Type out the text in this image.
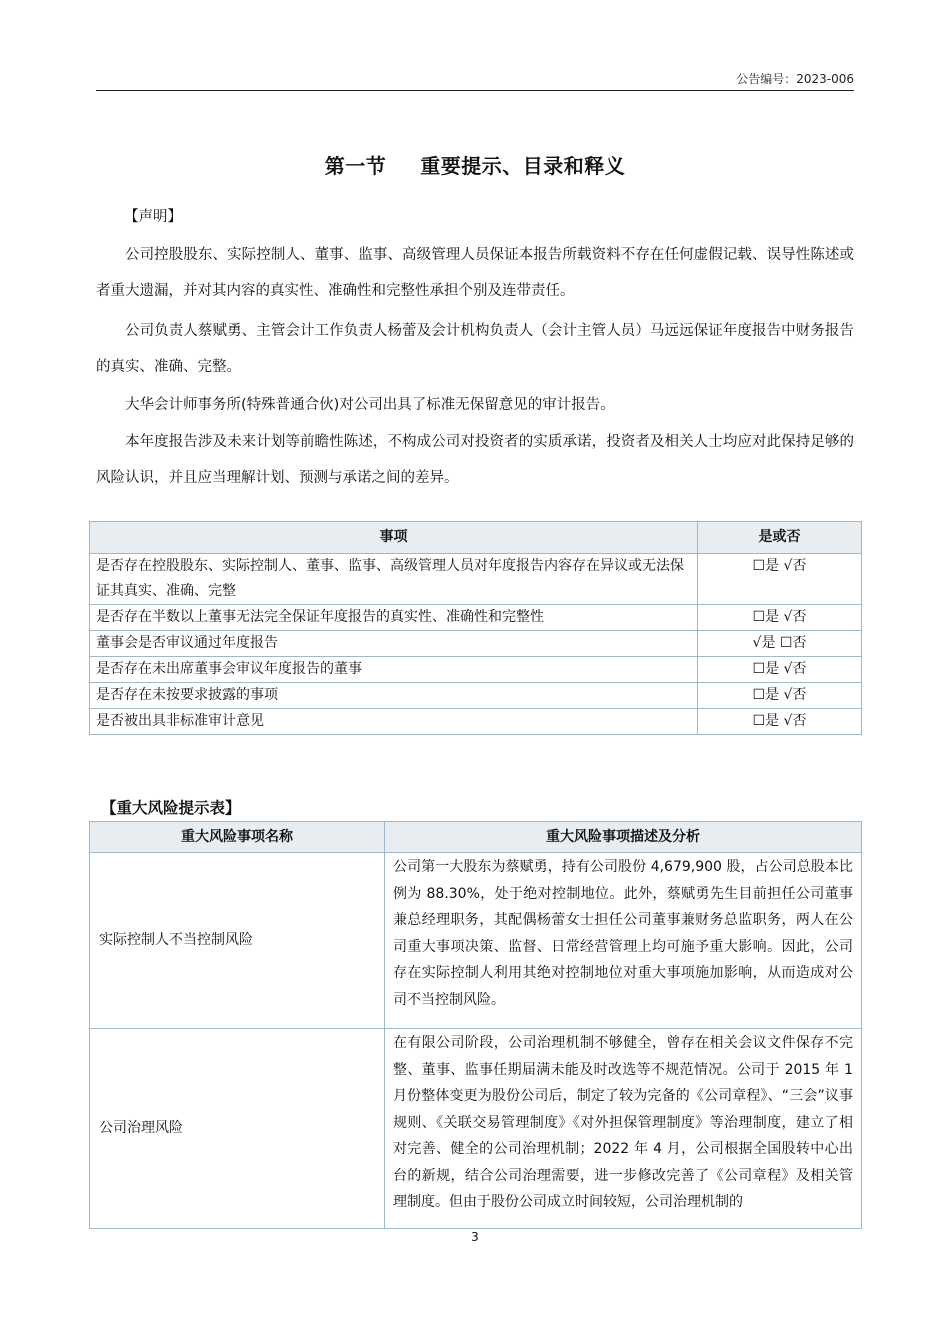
公告编号：2023-006
第一节 重要提示、目录和释义
【声明】

公司控股股东、实际控制人、董事、监事、高级管理人员保证本报告所载资料不存在任何虚假记载、误导性陈述或者重大遗漏，并对其内容的真实性、准确性和完整性承担个别及连带责任。

公司负责人蔡赋勇、主管会计工作负责人杨蕾及会计机构负责人（会计主管人员）马远远保证年度报告中财务报告的真实、准确、完整。

大华会计师事务所(特殊普通合伙)对公司出具了标准无保留意见的审计报告。

本年度报告涉及未来计划等前瞻性陈述，不构成公司对投资者的实质承诺，投资者及相关人士均应对此保持足够的风险认识，并且应当理解计划、预测与承诺之间的差异。

事项	是或否
是否存在控股股东、实际控制人、董事、监事、高级管理人员对年度报告内容存在异议或无法保证其真实、准确、完整	☐是 √否
是否存在半数以上董事无法完全保证年度报告的真实性、准确性和完整性	☐是 √否
董事会是否审议通过年度报告	√是 ☐否
是否存在未出席董事会审议年度报告的董事	☐是 √否
是否存在未按要求披露的事项	☐是 √否
是否被出具非标准审计意见	☐是 √否
【重大风险提示表】
重大风险事项名称	重大风险事项描述及分析
实际控制人不当控制风险	公司第一大股东为蔡赋勇，持有公司股份 4,679,900 股，占公司总股本比例为 88.30%，处于绝对控制地位。此外，蔡赋勇先生目前担任公司董事兼总经理职务，其配偶杨蕾女士担任公司董事兼财务总监职务，两人在公司重大事项决策、监督、日常经营管理上均可施予重大影响。因此，公司存在实际控制人利用其绝对控制地位对重大事项施加影响，从而造成对公司不当控制风险。
公司治理风险	在有限公司阶段，公司治理机制不够健全，曾存在相关会议文件保存不完整、董事、监事任期届满未能及时改选等不规范情况。公司于 2015 年 1 月份整体变更为股份公司后，制定了较为完备的《公司章程》、“三会”议事规则、《关联交易管理制度》《对外担保管理制度》等治理制度，建立了相对完善、健全的公司治理机制；2022 年 4 月，公司根据全国股转中心出台的新规，结合公司治理需要，进一步修改完善了《公司章程》及相关管理制度。但由于股份公司成立时间较短，公司治理机制的
3
